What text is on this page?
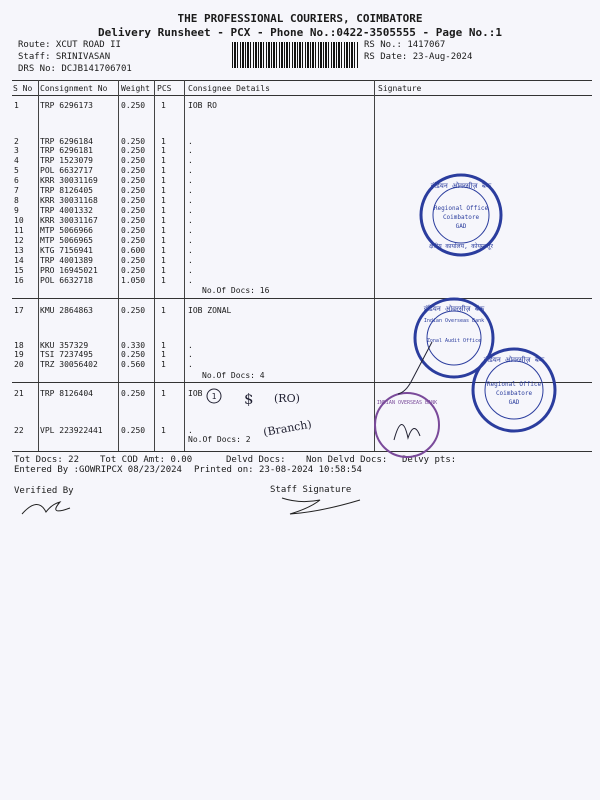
THE PROFESSIONAL COURIERS, COIMBATORE
Delivery Runsheet - PCX - Phone No.:0422-3505555 - Page No.:1
Route: XCUT ROAD II
Staff: SRINIVASAN
DRS No: DCJB141706701
RS No.: 1417067
RS Date: 23-Aug-2024
S No Consignment No Weight PCS Consignee Details	Signature
1	TRP 6296173	0.250 1	IOB RO
2	TRP 6296184	0.250 1	.
3	TRP 6296181	0.250 1	.
4	TRP 1523079	0.250 1	.
5	POL 6632717	0.250 1	.
6	KRR 30031169	0.250 1	.
7	TRP 8126405	0.250 1	.
8	KRR 30031168	0.250 1	.
9	TRP 4001332	0.250 1	.
10 KRR 30031167	0.250 1	.
11 MTP 5066966	0.250 1	.
12 MTP 5066965	0.250 1	.
13 KTG 7156941	0.600 1	.
14 TRP 4001389	0.250 1	.
15 PRO 16945021	0.250 1	.
16 POL 6632718	1.050 1	.
17 KMU 2864863	0.250 1	IOB ZONAL
18 KKU 357329	0.330 1	.
19 TSI 7237495	0.250 1	.
20 TRZ 30056402	0.560 1	.
21 TRP 8126404	0.250 1	IOB
22 VPL 223922441 0.250 1	.
No.Of Docs: 16
No.Of Docs: 4
No.Of Docs: 2
Tot Docs: 22 Tot COD Amt: 0.00	Delvd Docs: Non Delvd Docs: Delvy pts:
Entered By :GOWRIPCX 08/23/2024 Printed on: 23-08-2024 10:58:54
Verified By	Staff Signature
इंडियन ओवरसीज़ बैंक
Regional Office
Coimbatore
GAD
क्षेत्रीय कार्यालय, कोयम्बत्तूर
इंडियन ओवरसीज़ बैंक
Indian Overseas Bank
Zonal Audit Office
इंडियन ओवरसीज़ बैंक
Regional Office
Coimbatore
GAD
INDIAN OVERSEAS BANK
1 $ (RO)
(Branch)
